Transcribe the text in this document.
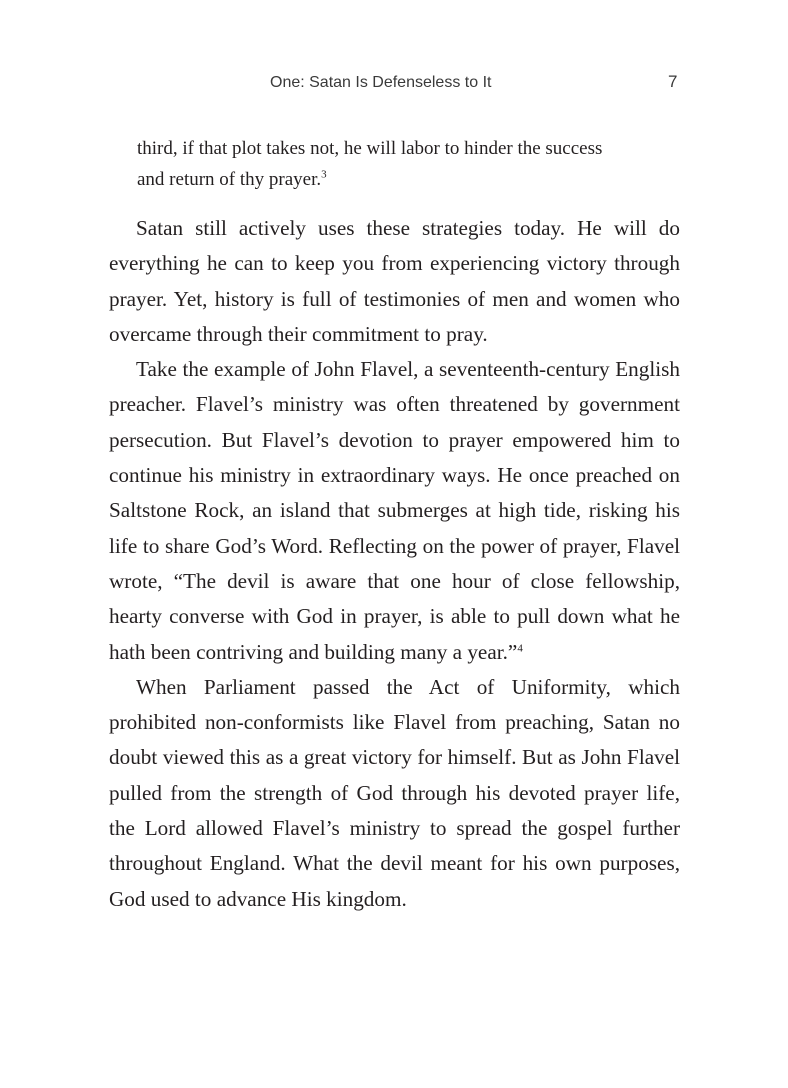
One: Satan Is Defenseless to It	7
third, if that plot takes not, he will labor to hinder the success
and return of thy prayer.$^3$

Satan still actively uses these strategies today. He will do everything he can to keep you from experiencing victory through prayer. Yet, history is full of testimonies of men and women who overcame through their commitment to pray.

Take the example of John Flavel, a seventeenth-century English preacher. Flavel’s ministry was often threatened by government persecution. But Flavel’s devotion to prayer empowered him to continue his ministry in extraordinary ways. He once preached on Saltstone Rock, an island that submerges at high tide, risking his life to share God’s Word. Reflecting on the power of prayer, Flavel wrote, “The devil is aware that one hour of close fellowship, hearty converse with God in prayer, is able to pull down what he hath been contriving and building many a year.”$^4$

When Parliament passed the Act of Uniformity, which prohibited non-conformists like Flavel from preaching, Satan no doubt viewed this as a great victory for himself. But as John Flavel pulled from the strength of God through his devoted prayer life, the Lord allowed Flavel’s ministry to spread the gospel further throughout England. What the devil meant for his own purposes, God used to advance His kingdom.
